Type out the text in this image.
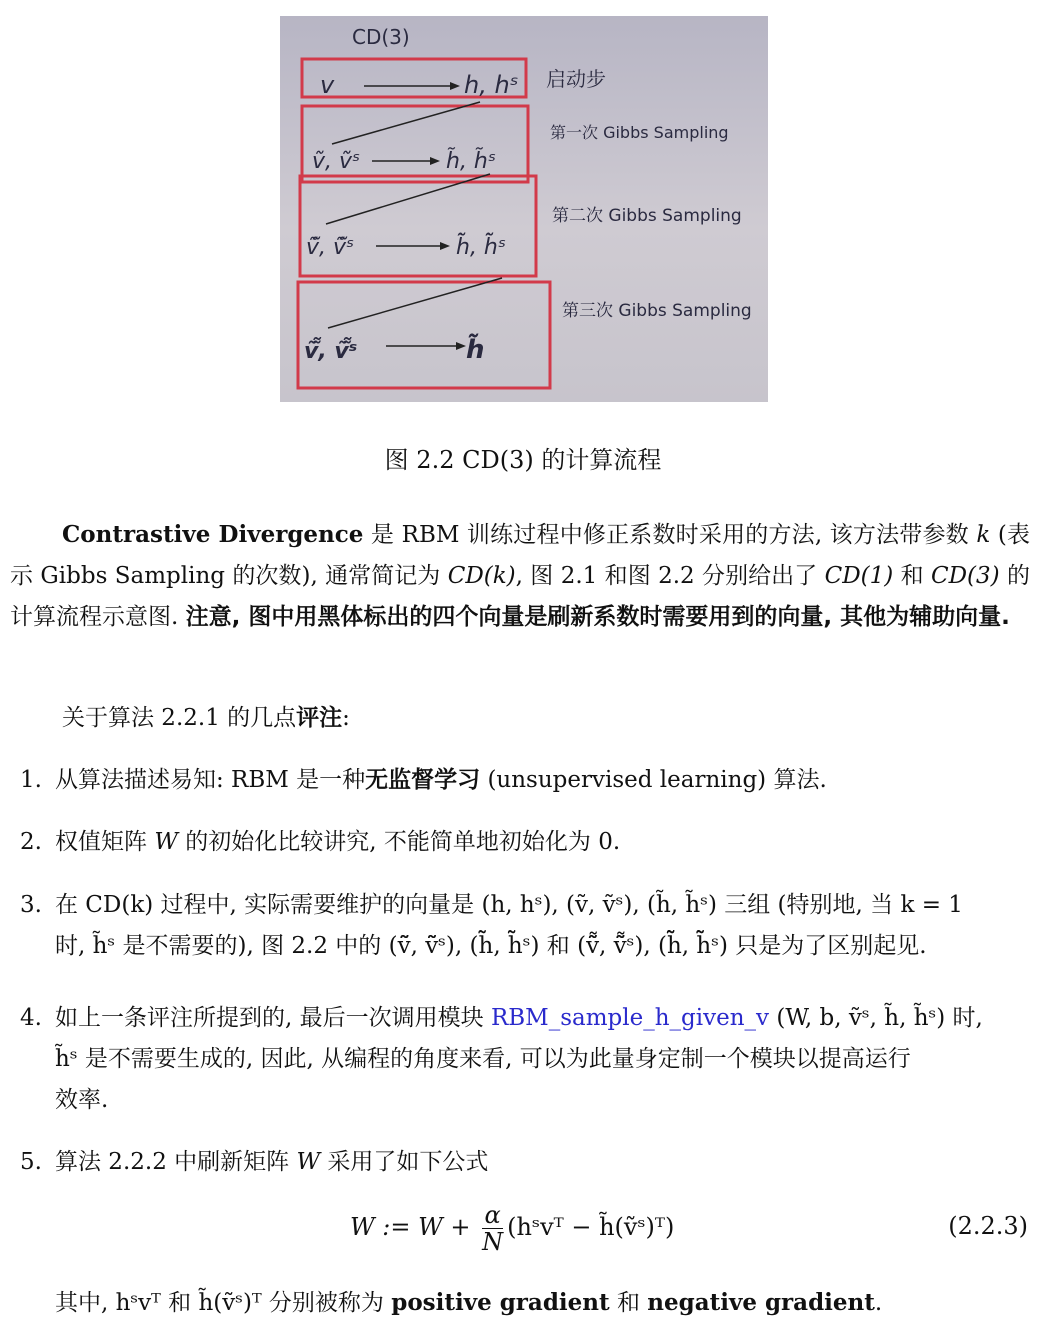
CD(3)
v	h, hˢ 启动步
ṽ, ṽˢ	h̃, h̃ˢ
第一次 Gibbs Sampling
ṽ̃, ṽ̃ˢ	h̃̃, h̃̃ˢ
第二次 Gibbs Sampling
ṽ̃̃, ṽ̃̃ˢ	h̃̃̃
第三次 Gibbs Sampling
图 2.2 CD(3) 的计算流程
Contrastive Divergence 是 RBM 训练过程中修正系数时采用的方法, 该方法带参数 k (表示 Gibbs Sampling 的次数), 通常简记为 CD(k), 图 2.1 和图 2.2 分别给出了 CD(1) 和 CD(3) 的计算流程示意图. 注意, 图中用黑体标出的四个向量是刷新系数时需要用到的向量, 其他为辅助向量.
关于算法 2.2.1 的几点评注:
1. 从算法描述易知: RBM 是一种无监督学习 (unsupervised learning) 算法.
2. 权值矩阵 W 的初始化比较讲究, 不能简单地初始化为 0.
3. 在 CD(k) 过程中, 实际需要维护的向量是 (h, hˢ), (ṽ, ṽˢ), (h̃, h̃ˢ) 三组 (特别地, 当 k = 1
时, h̃ˢ 是不需要的), 图 2.2 中的 (ṽ̃, ṽ̃ˢ), (h̃̃, h̃̃ˢ) 和 (ṽ̃̃, ṽ̃̃ˢ), (h̃̃̃, h̃̃̃ˢ) 只是为了区别起见.
4. 如上一条评注所提到的, 最后一次调用模块 RBM_sample_h_given_v (W, b, ṽˢ, h̃, h̃ˢ) 时,
h̃ˢ 是不需要生成的, 因此, 从编程的角度来看, 可以为此量身定制一个模块以提高运行
效率.
5. 算法 2.2.2 中刷新矩阵 W 采用了如下公式
W := $W + \frac{\alpha}{N}$ (hˢvᵀ − h̃(ṽˢ)ᵀ)	(2.2.3)
其中, hˢvᵀ 和 h̃(ṽˢ)ᵀ 分别被称为 positive gradient 和 negative gradient.
